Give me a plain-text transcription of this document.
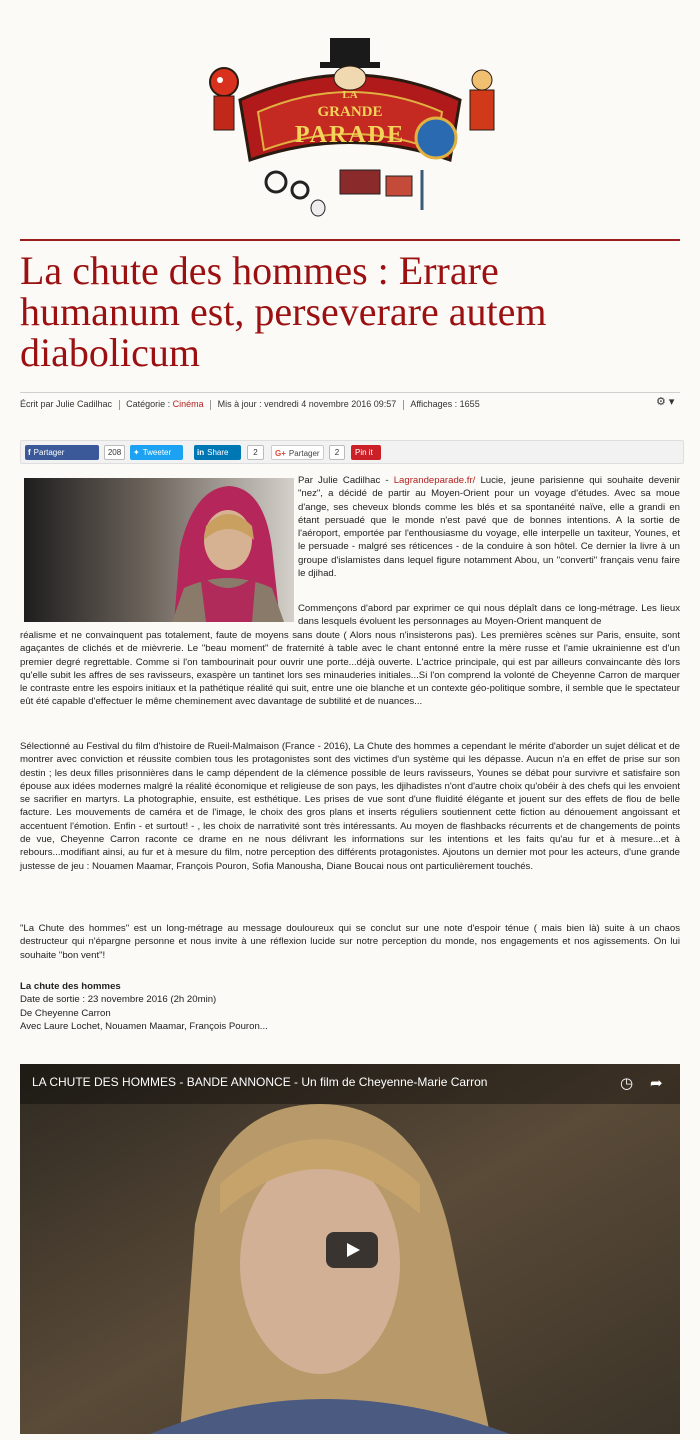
LA
GRANDE
PARADE
La chute des hommes : Errare humanum est, perseverare autem diabolicum
Écrit par Julie Cadilhac Catégorie : Cinéma Mis à jour : vendredi 4 novembre 2016 09:57 Affichages : 1655	⚙ ▾
f Partager	208	✦ Tweeter	in Share	2	G+ Partager	2	Pin it

Par Julie Cadilhac - Lagrandeparade.fr/ Lucie, jeune parisienne qui souhaite devenir "nez", a décidé de partir au Moyen-Orient pour un voyage d'études. Avec sa moue d'ange, ses cheveux blonds comme les blés et sa spontanéité naïve, elle a grandi en étant persuadé que le monde n'est pavé que de bonnes intentions. A la sortie de l'aéroport, emportée par l'enthousiasme du voyage, elle interpelle un taxiteur, Younes, et le persuade - malgré ses réticences - de la conduire à son hôtel. Ce dernier la livre à un groupe d'islamistes dans lequel figure notamment Abou, un "converti" français venu faire le djihad.

Commençons d'abord par exprimer ce qui nous déplaît dans ce long-métrage. Les lieux dans lesquels évoluent les personnages au Moyen-Orient manquent de

réalisme et ne convainquent pas totalement, faute de moyens sans doute ( Alors nous n'insisterons pas). Les premières scènes sur Paris, ensuite, sont agaçantes de clichés et de mièvrerie. Le "beau moment" de fraternité à table avec le chant entonné entre la mère russe et l'amie ukrainienne est d'un premier degré regrettable. Comme si l'on tambourinait pour ouvrir une porte...déjà ouverte. L'actrice principale, qui est par ailleurs convaincante dès lors qu'elle subit les affres de ses ravisseurs, exaspère un tantinet lors ses minauderies initiales...Si l'on comprend la volonté de Cheyenne Carron de marquer le contraste entre les espoirs initiaux et la pathétique réalité qui suit, entre une oie blanche et un contexte géo-politique sombre, il semble que le spectateur eût été capable d'effectuer le même cheminement avec davantage de subtilité et de nuances...

Sélectionné au Festival du film d'histoire de Rueil-Malmaison (France - 2016), La Chute des hommes a cependant le mérite d'aborder un sujet délicat et de montrer avec conviction et réussite combien tous les protagonistes sont des victimes d'un système qui les dépasse. Aucun n'a en effet de prise sur son destin ; les deux filles prisonnières dans le camp dépendent de la clémence possible de leurs ravisseurs, Younes se débat pour survivre et satisfaire son épouse aux idées modernes malgré la réalité économique et religieuse de son pays, les djihadistes n'ont d'autre choix qu'obéir à des chefs qui les envoient se sacrifier en martyrs. La photographie, ensuite, est esthétique. Les prises de vue sont d'une fluidité élégante et jouent sur des effets de flou de belle facture. Les mouvements de caméra et de l'image, le choix des gros plans et inserts réguliers soutiennent cette fiction au dénouement angoissant et accentuent l'émotion. Enfin - et surtout! - , les choix de narrativité sont très intéressants. Au moyen de flashbacks récurrents et de changements de points de vue, Cheyenne Carron raconte ce drame en ne nous délivrant les informations sur les intentions et les faits qu'au fur et à mesure...et à rebours...modifiant ainsi, au fur et à mesure du film, notre perception des différents protagonistes. Ajoutons un dernier mot pour les acteurs, d'une grande justesse de jeu : Nouamen Maamar, François Pouron, Sofia Manousha, Diane Boucai nous ont particulièrement touchés.

"La Chute des hommes" est un long-métrage au message douloureux qui se conclut sur une note d'espoir ténue ( mais bien là) suite à un chaos destructeur qui n'épargne personne et nous invite à une réflexion lucide sur notre perception du monde, nos engagements et nos agissements. On lui souhaite "bon vent"!

La chute des hommes
Date de sortie : 23 novembre 2016 (2h 20min)
De Cheyenne Carron
Avec Laure Lochet, Nouamen Maamar, François Pouron...
LA CHUTE DES HOMMES - BANDE ANNONCE - Un film de Cheyenne-Marie Carron	◷ ➦
